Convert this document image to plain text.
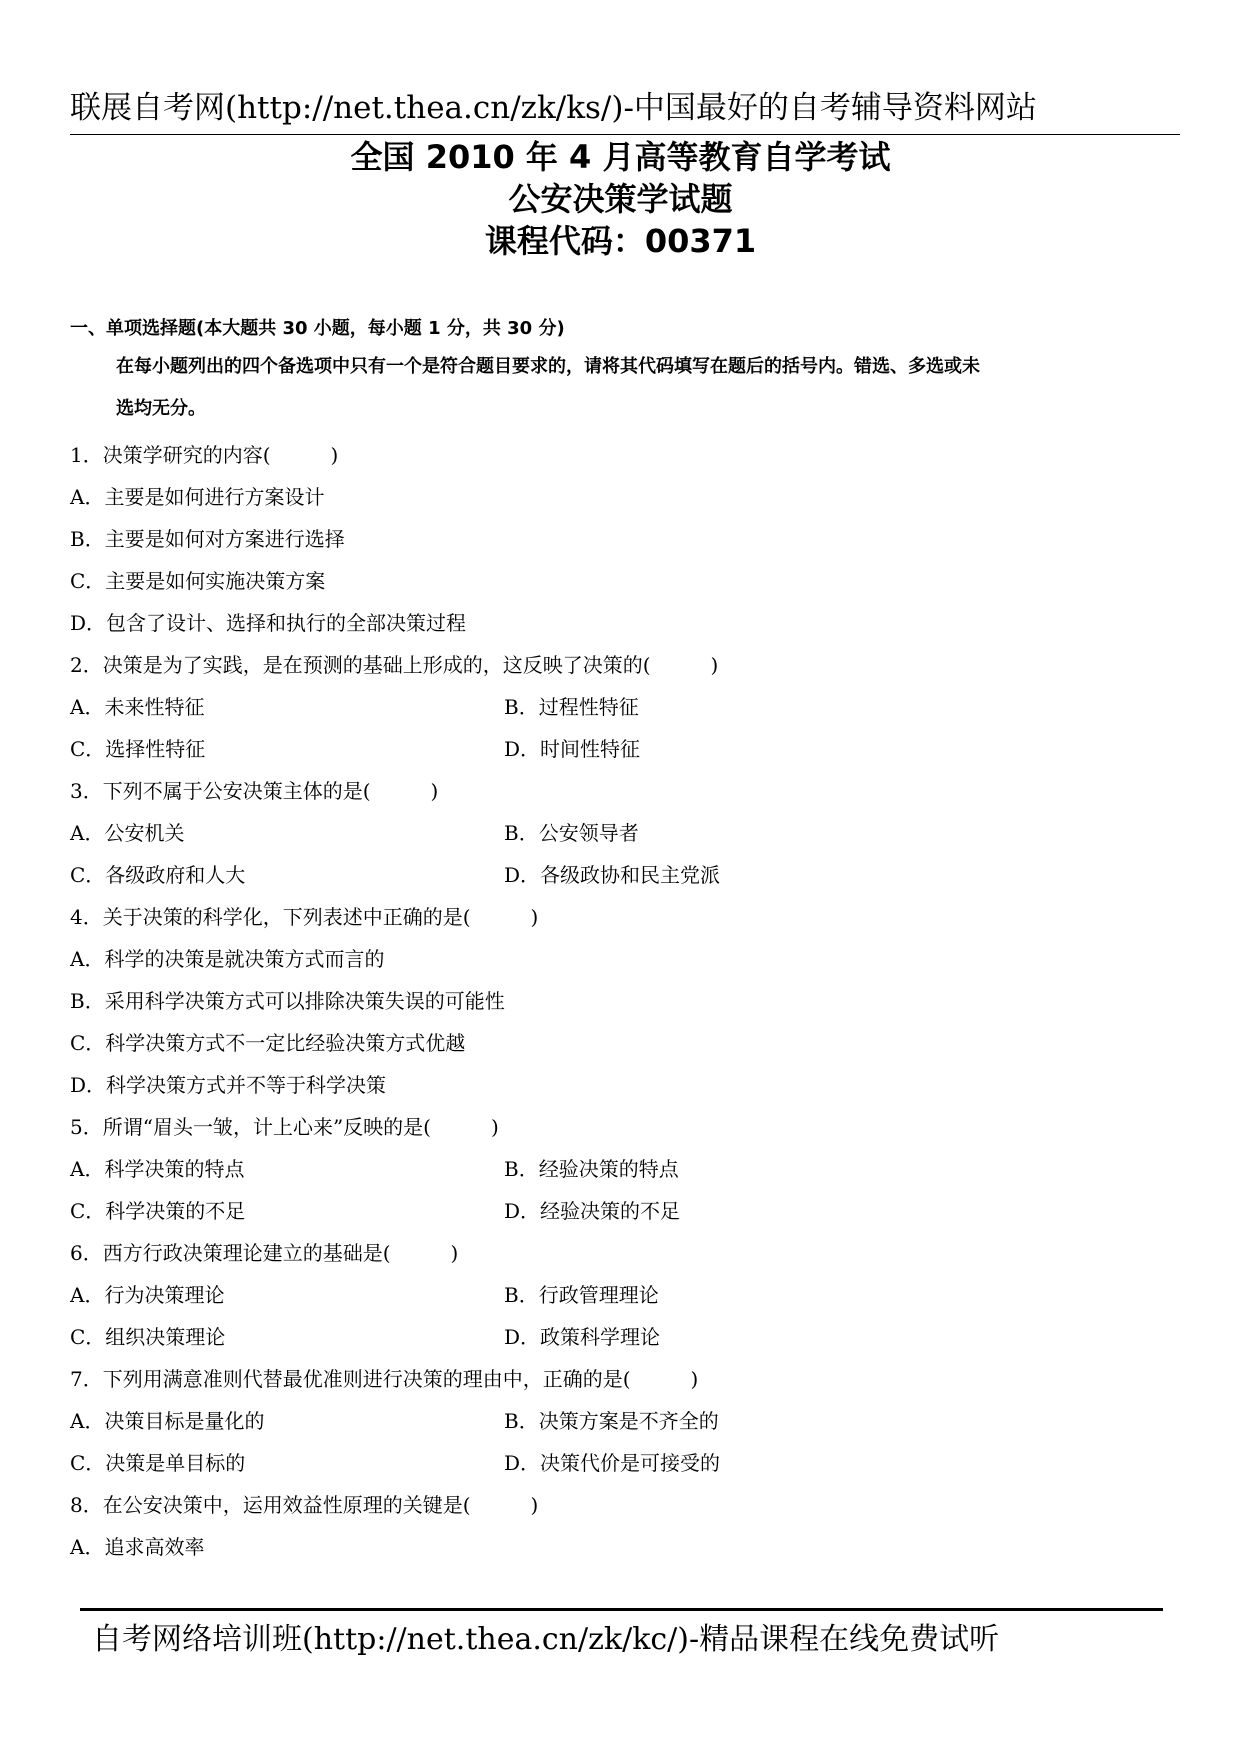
联展自考网(http://net.thea.cn/zk/ks/)-中国最好的自考辅导资料网站
全国 2010 年 4 月高等教育自学考试
公安决策学试题
课程代码：00371
一、单项选择题(本大题共 30 小题，每小题 1 分，共 30 分)
在每小题列出的四个备选项中只有一个是符合题目要求的，请将其代码填写在题后的括号内。错选、多选或未
选均无分。
1．决策学研究的内容(　　　)
A．主要是如何进行方案设计
B．主要是如何对方案进行选择
C．主要是如何实施决策方案
D．包含了设计、选择和执行的全部决策过程
2．决策是为了实践，是在预测的基础上形成的，这反映了决策的(　　　)
A．未来性特征	B．过程性特征
C．选择性特征	D．时间性特征
3．下列不属于公安决策主体的是(　　　)
A．公安机关	B．公安领导者
C．各级政府和人大	D．各级政协和民主党派
4．关于决策的科学化，下列表述中正确的是(　　　)
A．科学的决策是就决策方式而言的
B．采用科学决策方式可以排除决策失误的可能性
C．科学决策方式不一定比经验决策方式优越
D．科学决策方式并不等于科学决策
5．所谓“眉头一皱，计上心来”反映的是(　　　)
A．科学决策的特点	B．经验决策的特点
C．科学决策的不足	D．经验决策的不足
6．西方行政决策理论建立的基础是(　　　)
A．行为决策理论	B．行政管理理论
C．组织决策理论	D．政策科学理论
7．下列用满意准则代替最优准则进行决策的理由中，正确的是(　　　)
A．决策目标是量化的	B．决策方案是不齐全的
C．决策是单目标的	D．决策代价是可接受的
8．在公安决策中，运用效益性原理的关键是(　　　)
A．追求高效率
自考网络培训班(http://net.thea.cn/zk/kc/)-精品课程在线免费试听
